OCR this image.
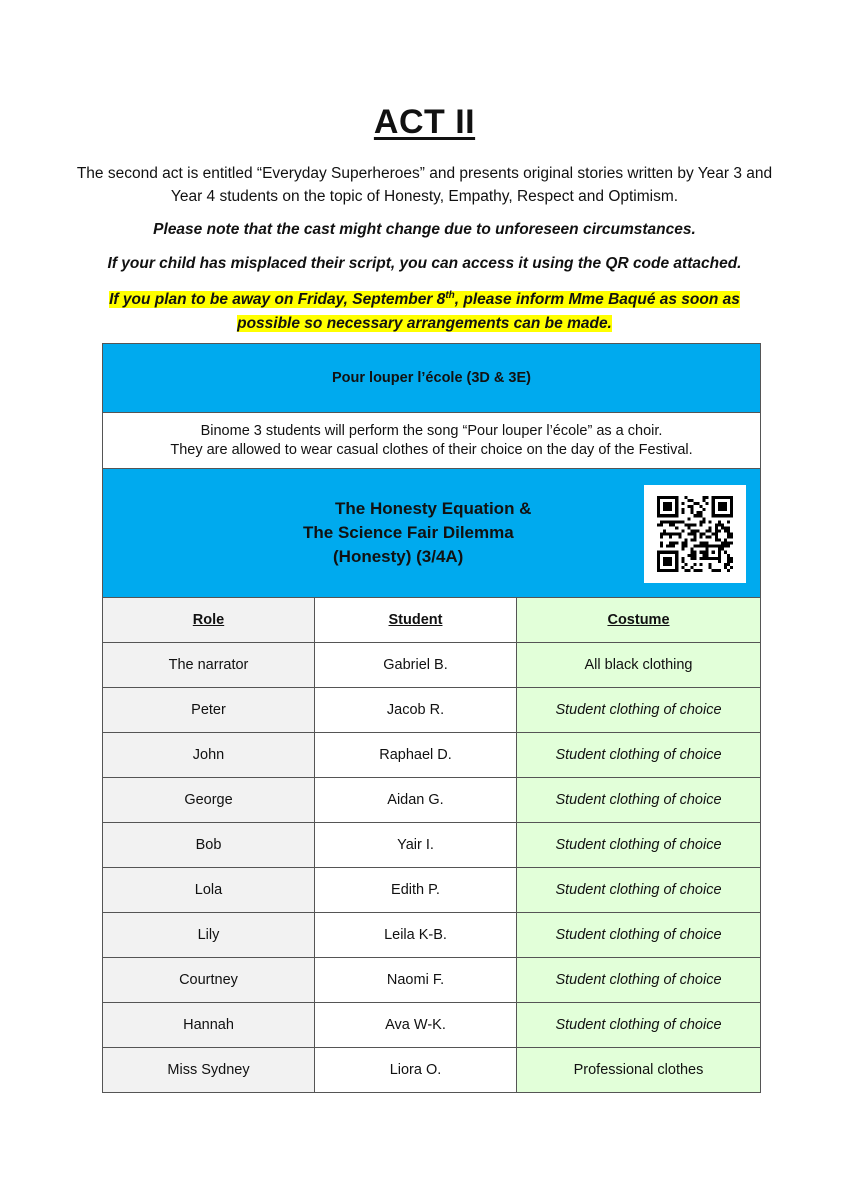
ACT II
The second act is entitled “Everyday Superheroes” and presents original stories written by Year 3 and Year 4 students on the topic of Honesty, Empathy, Respect and Optimism.
Please note that the cast might change due to unforeseen circumstances.
If your child has misplaced their script, you can access it using the QR code attached.
If you plan to be away on Friday, September 8th, please inform Mme Baqué as soon as possible so necessary arrangements can be made.
Pour louper l’école (3D & 3E)		
Binome 3 students will perform the song “Pour louper l’école” as a choir.
They are allowed to wear casual clothes of their choice on the day of the Festival.		

The Honesty Equation &
The Science Fair Dilemma
(Honesty) (3/4A)		

Role	Student	Costume
The narrator	Gabriel B.	All black clothing
Peter	Jacob R.	Student clothing of choice
John	Raphael D.	Student clothing of choice
George	Aidan G.	Student clothing of choice
Bob	Yair I.	Student clothing of choice
Lola	Edith P.	Student clothing of choice
Lily	Leila K-B.	Student clothing of choice
Courtney	Naomi F.	Student clothing of choice
Hannah	Ava W-K.	Student clothing of choice
Miss Sydney	Liora O.	Professional clothes
